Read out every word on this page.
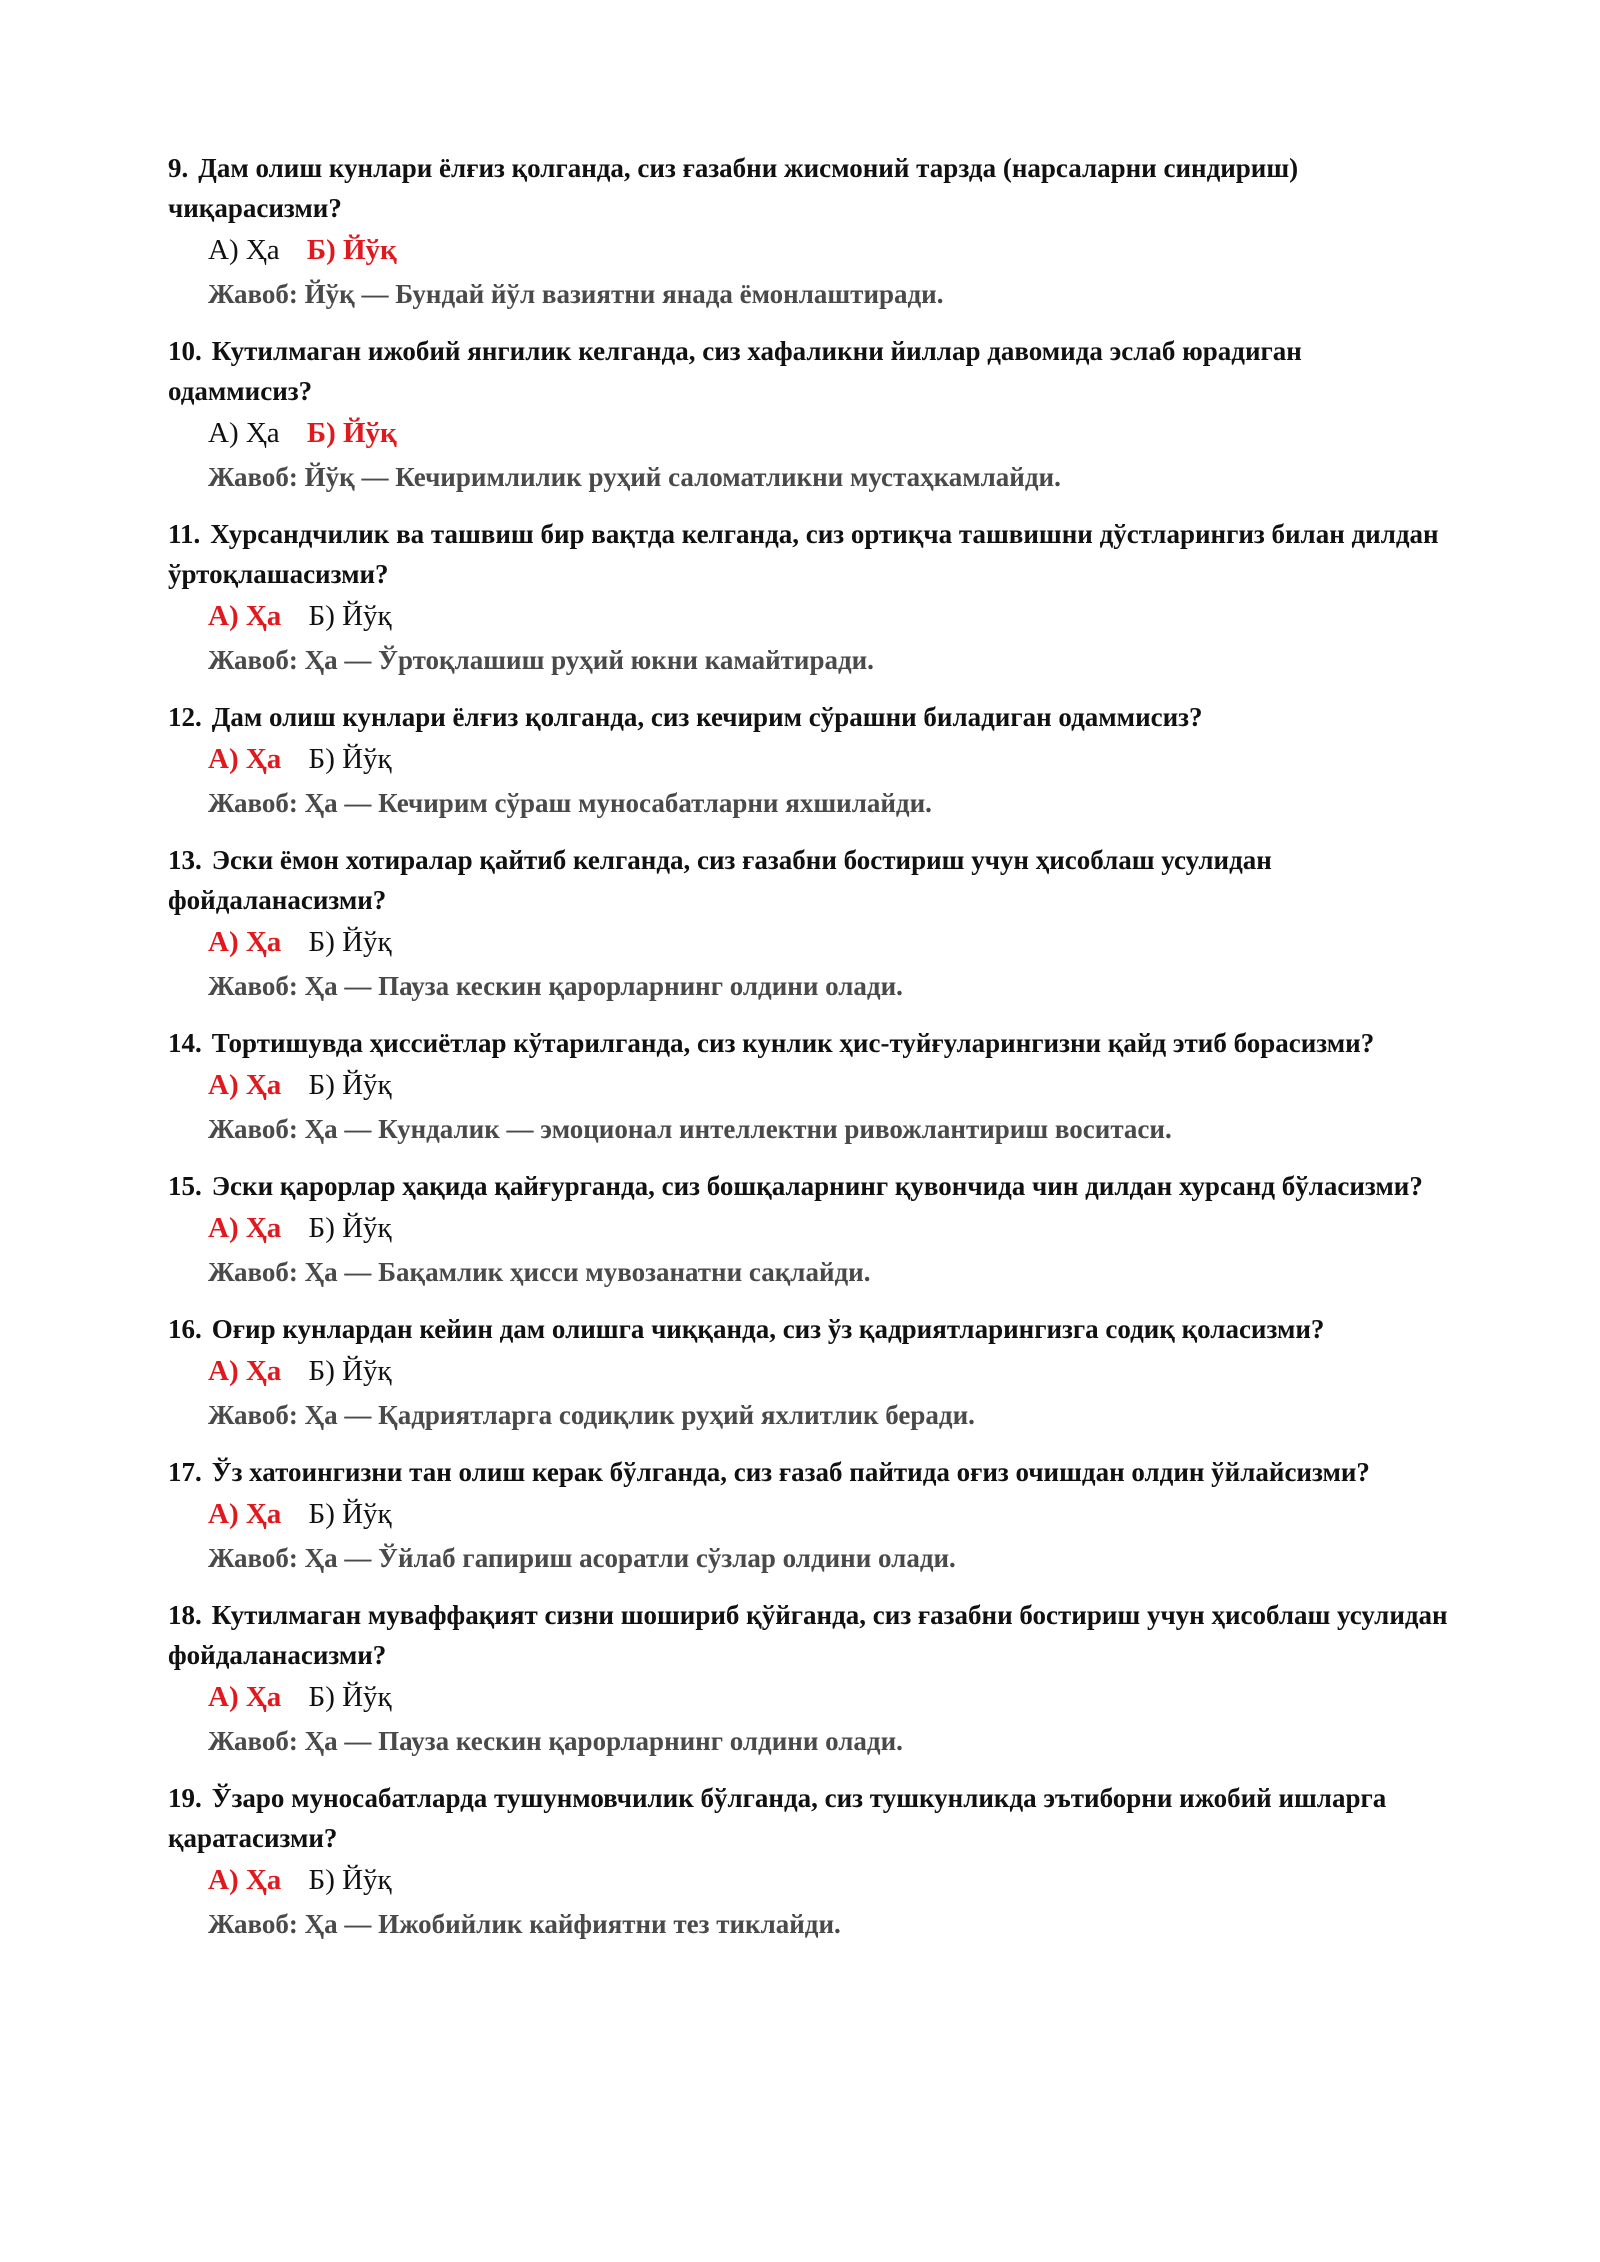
9. Дам олиш кунлари ёлғиз қолганда, сиз ғазабни жисмоний тарзда (нарсаларни синдириш) чиқарасизми?

А) Ҳа Б) Йўқ
Жавоб: Йўқ — Бундай йўл вазиятни янада ёмонлаштиради.

10. Кутилмаган ижобий янгилик келганда, сиз хафаликни йиллар давомида эслаб юрадиган одаммисиз?

А) Ҳа Б) Йўқ
Жавоб: Йўқ — Кечиримлилик руҳий саломатликни мустаҳкамлайди.

11. Хурсандчилик ва ташвиш бир вақтда келганда, сиз ортиқча ташвишни дўстларингиз билан дилдан ўртоқлашасизми?

А) Ҳа Б) Йўқ
Жавоб: Ҳа — Ўртоқлашиш руҳий юкни камайтиради.

12. Дам олиш кунлари ёлғиз қолганда, сиз кечирим сўрашни биладиган одаммисиз?

А) Ҳа Б) Йўқ
Жавоб: Ҳа — Кечирим сўраш муносабатларни яхшилайди.

13. Эски ёмон хотиралар қайтиб келганда, сиз ғазабни бостириш учун ҳисоблаш усулидан фойдаланасизми?

А) Ҳа Б) Йўқ
Жавоб: Ҳа — Пауза кескин қарорларнинг олдини олади.

14. Тортишувда ҳиссиётлар кўтарилганда, сиз кунлик ҳис-туйғуларингизни қайд этиб борасизми?

А) Ҳа Б) Йўқ
Жавоб: Ҳа — Кундалик — эмоционал интеллектни ривожлантириш воситаси.

15. Эски қарорлар ҳақида қайғурганда, сиз бошқаларнинг қувончида чин дилдан хурсанд бўласизми?

А) Ҳа Б) Йўқ
Жавоб: Ҳа — Бақамлик ҳисси мувозанатни сақлайди.

16. Оғир кунлардан кейин дам олишга чиққанда, сиз ўз қадриятларингизга содиқ қоласизми?

А) Ҳа Б) Йўқ
Жавоб: Ҳа — Қадриятларга содиқлик руҳий яхлитлик беради.

17. Ўз хатоингизни тан олиш керак бўлганда, сиз ғазаб пайтида оғиз очишдан олдин ўйлайсизми?

А) Ҳа Б) Йўқ
Жавоб: Ҳа — Ўйлаб гапириш асоратли сўзлар олдини олади.

18. Кутилмаган муваффақият сизни шошириб қўйганда, сиз ғазабни бостириш учун ҳисоблаш усулидан фойдаланасизми?

А) Ҳа Б) Йўқ
Жавоб: Ҳа — Пауза кескин қарорларнинг олдини олади.

19. Ўзаро муносабатларда тушунмовчилик бўлганда, сиз тушкунликда эътиборни ижобий ишларга қаратасизми?

А) Ҳа Б) Йўқ
Жавоб: Ҳа — Ижобийлик кайфиятни тез тиклайди.
